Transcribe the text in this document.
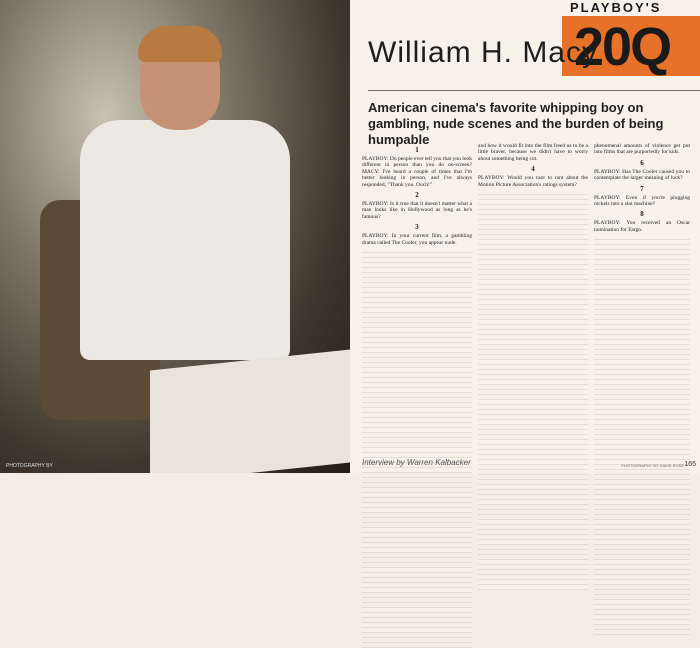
PHOTOGRAPHY BY
PLAYBOY'S
20Q
William H. Macy
American cinema's favorite whipping boy on gambling, nude scenes and the burden of being humpable
1

PLAYBOY: Do people ever tell you that you look different in person than you do on-screen? MACY: I've heard a couple of times that I'm better looking in person, and I've always responded, "Thank you. Ouch!"

2

PLAYBOY: Is it true that it doesn't matter what a man looks like in Hollywood as long as he's famous?

3

PLAYBOY: In your current film, a gambling drama called The Cooler, you appear nude.

and how it would fit into the film freed us to be a little braver, because we didn't have to worry about something being cut.

4

PLAYBOY: Would you care to rant about the Motion Picture Association's ratings system?

phenomenal amounts of violence get put into films that are purportedly for kids.

6

PLAYBOY: Has The Cooler caused you to contemplate the larger meaning of luck?

7

PLAYBOY: Even if you're plugging nickels into a slot machine?

8

PLAYBOY: You received an Oscar nomination for Fargo.

Interview by Warren Kalbacker	PHOTOGRAPHY BY DAVID ROSE 165
